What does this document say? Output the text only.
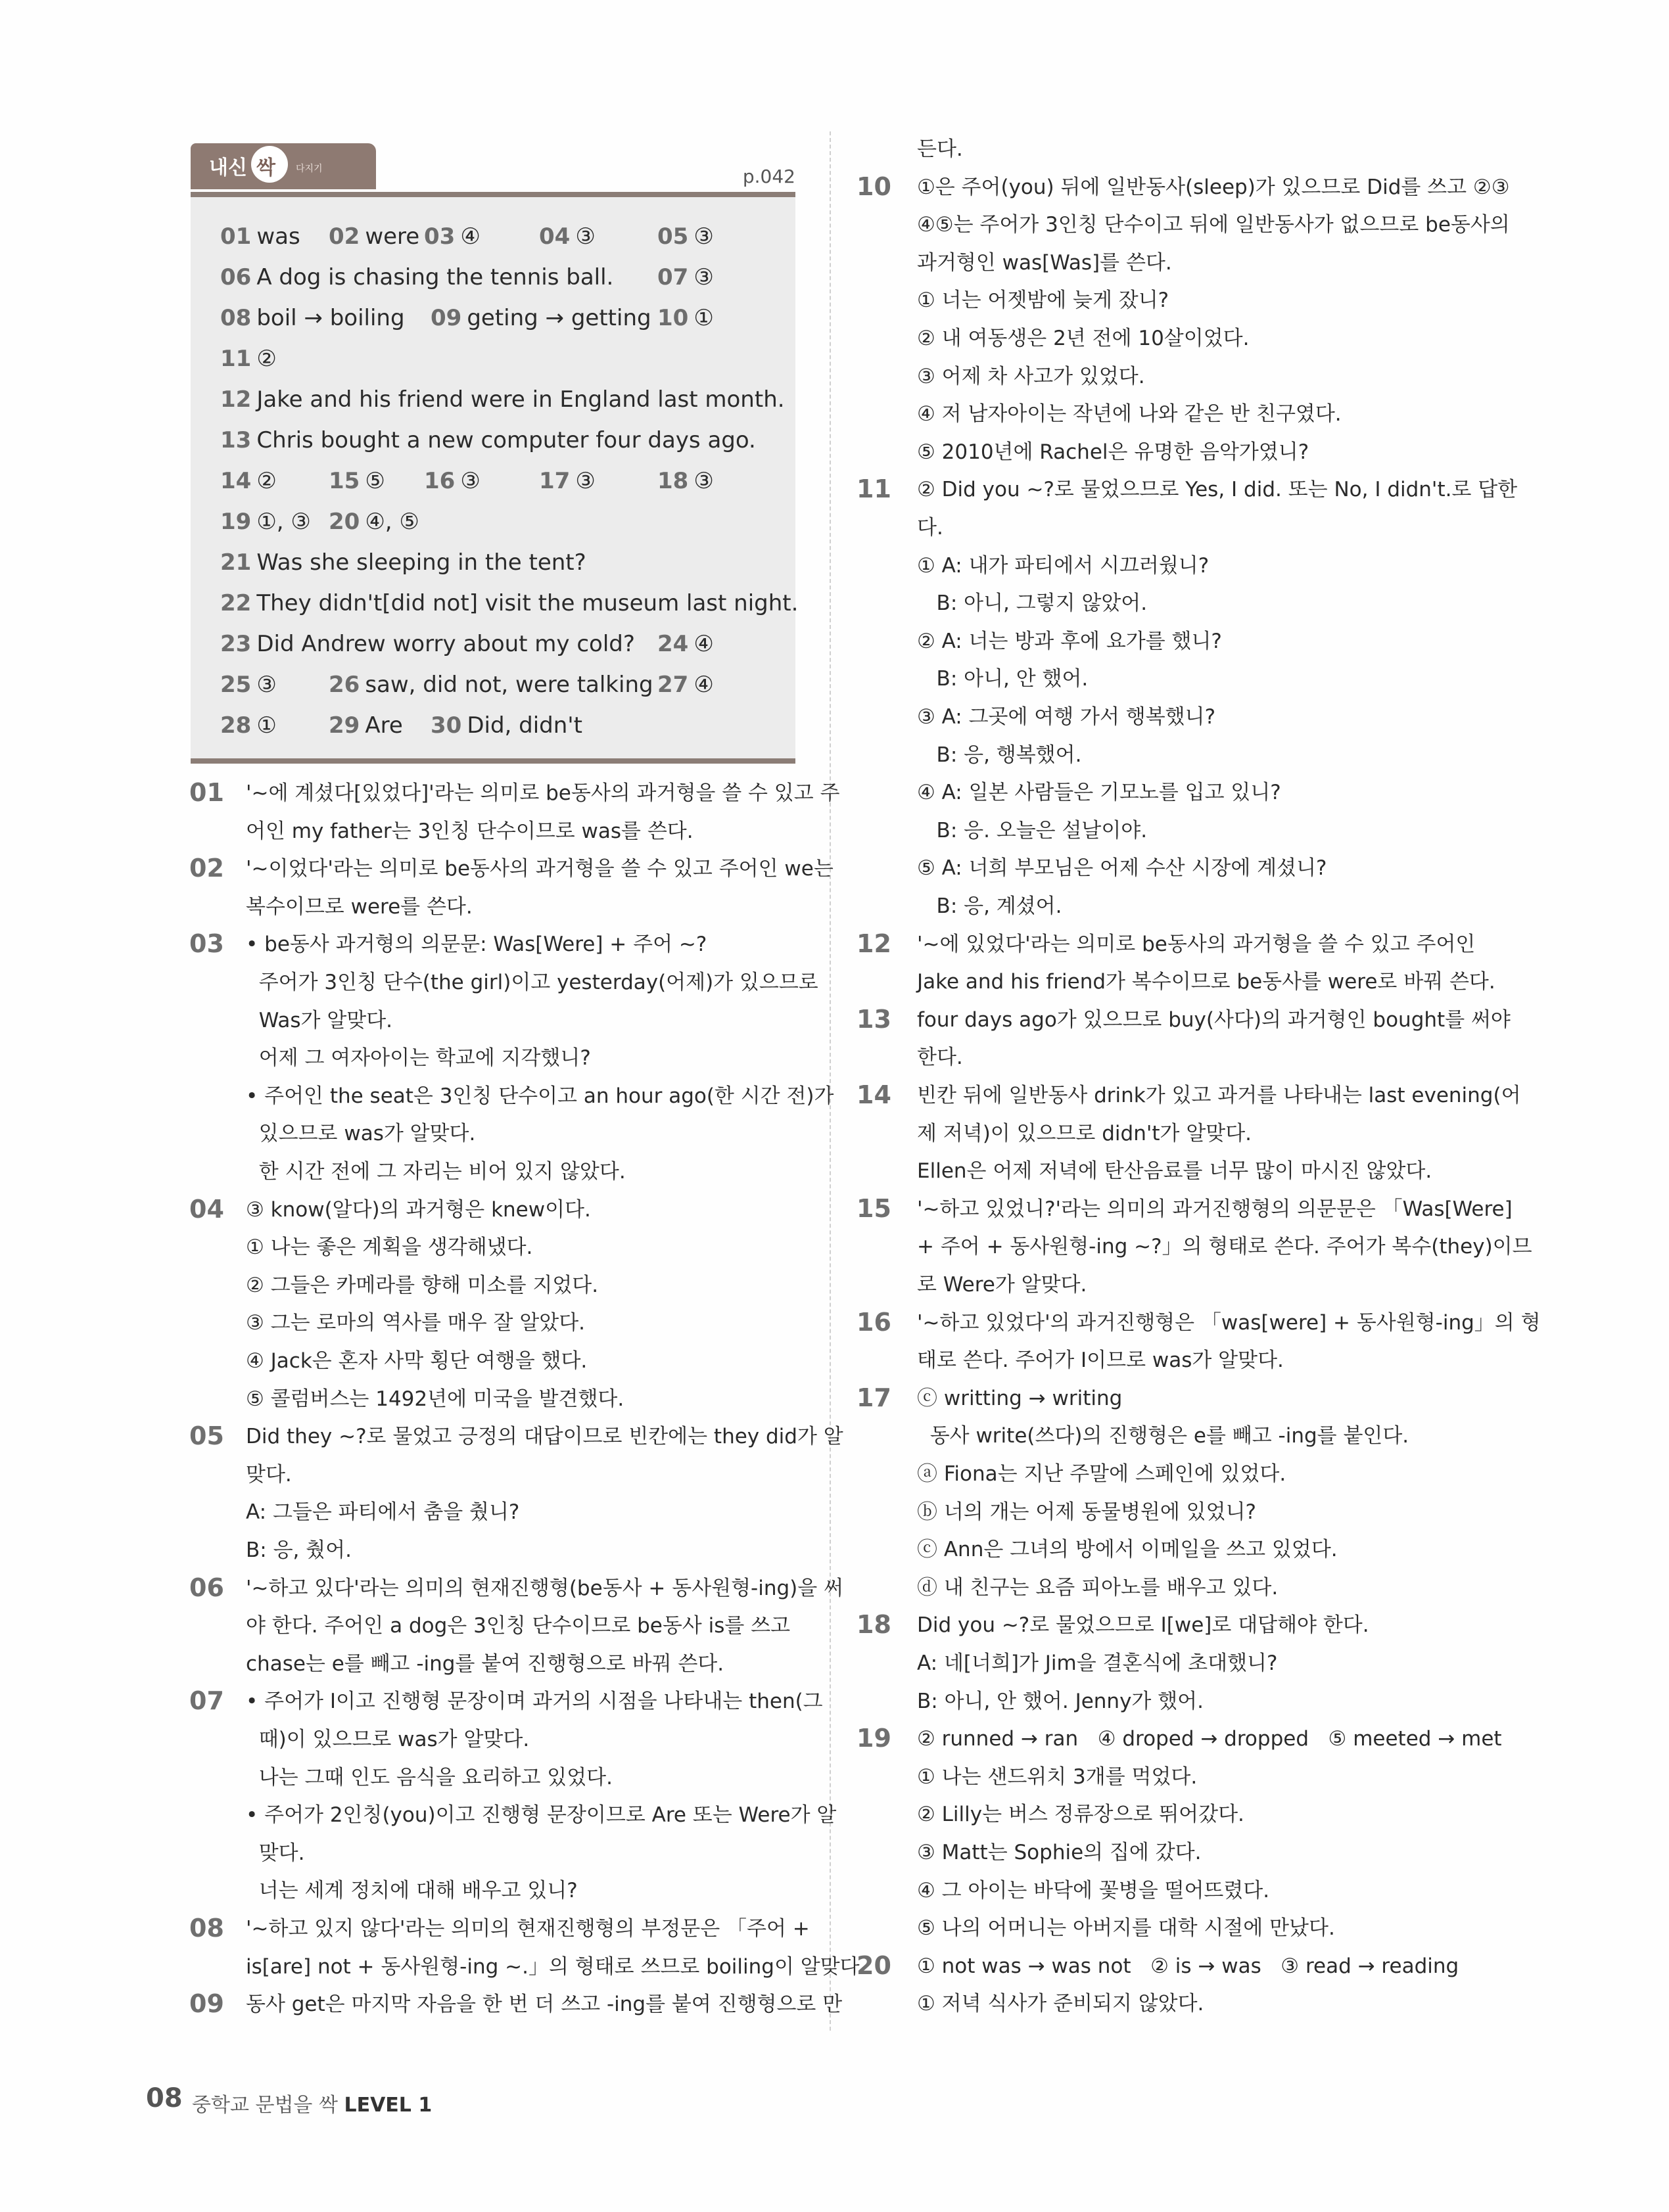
내신 싹 다지기	p.042
01 was 02 were 03 ④	04 ③	05 ③
06 A dog is chasing the tennis ball. 07 ③
08 boil → boiling 09 geting → getting 10 ①
11 ②
12 Jake and his friend were in England last month.
13 Chris bought a new computer four days ago.
14 ② 15 ⑤ 16 ③	17 ③	18 ③
19 ①, ③ 20 ④, ⑤
21 Was she sleeping in the tent?
22 They didn't[did not] visit the museum last night.
23 Did Andrew worry about my cold? 24 ④
25 ③ 26 saw, did not, were talking 27 ④
28 ① 29 Are 30 Did, didn't
01 '~에 계셨다[있었다]'라는 의미로 be동사의 과거형을 쓸 수 있고 주
어인 my father는 3인칭 단수이므로 was를 쓴다.
02 '~이었다'라는 의미로 be동사의 과거형을 쓸 수 있고 주어인 we는
복수이므로 were를 쓴다.
03 • be동사 과거형의 의문문: Was[Were] + 주어 ~?
주어가 3인칭 단수(the girl)이고 yesterday(어제)가 있으므로
Was가 알맞다.
어제 그 여자아이는 학교에 지각했니?
• 주어인 the seat은 3인칭 단수이고 an hour ago(한 시간 전)가
있으므로 was가 알맞다.
한 시간 전에 그 자리는 비어 있지 않았다.
04 ③ know(알다)의 과거형은 knew이다.
① 나는 좋은 계획을 생각해냈다.
② 그들은 카메라를 향해 미소를 지었다.
③ 그는 로마의 역사를 매우 잘 알았다.
④ Jack은 혼자 사막 횡단 여행을 했다.
⑤ 콜럼버스는 1492년에 미국을 발견했다.
05 Did they ~?로 물었고 긍정의 대답이므로 빈칸에는 they did가 알
맞다.
A: 그들은 파티에서 춤을 췄니?
B: 응, 췄어.
06 '~하고 있다'라는 의미의 현재진행형(be동사 + 동사원형-ing)을 써
야 한다. 주어인 a dog은 3인칭 단수이므로 be동사 is를 쓰고
chase는 e를 빼고 -ing를 붙여 진행형으로 바꿔 쓴다.
07 • 주어가 I이고 진행형 문장이며 과거의 시점을 나타내는 then(그
때)이 있으므로 was가 알맞다.
나는 그때 인도 음식을 요리하고 있었다.
• 주어가 2인칭(you)이고 진행형 문장이므로 Are 또는 Were가 알
맞다.
너는 세계 정치에 대해 배우고 있니?
08 '~하고 있지 않다'라는 의미의 현재진행형의 부정문은 「주어 +
is[are] not + 동사원형-ing ~.」의 형태로 쓰므로 boiling이 알맞다.
09 동사 get은 마지막 자음을 한 번 더 쓰고 -ing를 붙여 진행형으로 만
든다.
10 ①은 주어(you) 뒤에 일반동사(sleep)가 있으므로 Did를 쓰고 ②③
④⑤는 주어가 3인칭 단수이고 뒤에 일반동사가 없으므로 be동사의
과거형인 was[Was]를 쓴다.
① 너는 어젯밤에 늦게 잤니?
② 내 여동생은 2년 전에 10살이었다.
③ 어제 차 사고가 있었다.
④ 저 남자아이는 작년에 나와 같은 반 친구였다.
⑤ 2010년에 Rachel은 유명한 음악가였니?
11 ② Did you ~?로 물었으므로 Yes, I did. 또는 No, I didn't.로 답한
다.
① A: 내가 파티에서 시끄러웠니?
B: 아니, 그렇지 않았어.
② A: 너는 방과 후에 요가를 했니?
B: 아니, 안 했어.
③ A: 그곳에 여행 가서 행복했니?
B: 응, 행복했어.
④ A: 일본 사람들은 기모노를 입고 있니?
B: 응. 오늘은 설날이야.
⑤ A: 너희 부모님은 어제 수산 시장에 계셨니?
B: 응, 계셨어.
12 '~에 있었다'라는 의미로 be동사의 과거형을 쓸 수 있고 주어인
Jake and his friend가 복수이므로 be동사를 were로 바꿔 쓴다.
13 four days ago가 있으므로 buy(사다)의 과거형인 bought를 써야
한다.
14 빈칸 뒤에 일반동사 drink가 있고 과거를 나타내는 last evening(어
제 저녁)이 있으므로 didn't가 알맞다.
Ellen은 어제 저녁에 탄산음료를 너무 많이 마시진 않았다.
15 '~하고 있었니?'라는 의미의 과거진행형의 의문문은 「Was[Were]
+ 주어 + 동사원형-ing ~?」의 형태로 쓴다. 주어가 복수(they)이므
로 Were가 알맞다.
16 '~하고 있었다'의 과거진행형은 「was[were] + 동사원형-ing」의 형
태로 쓴다. 주어가 I이므로 was가 알맞다.
17 ⓒ writting → writing
동사 write(쓰다)의 진행형은 e를 빼고 -ing를 붙인다.
ⓐ Fiona는 지난 주말에 스페인에 있었다.
ⓑ 너의 개는 어제 동물병원에 있었니?
ⓒ Ann은 그녀의 방에서 이메일을 쓰고 있었다.
ⓓ 내 친구는 요즘 피아노를 배우고 있다.
18 Did you ~?로 물었으므로 I[we]로 대답해야 한다.
A: 네[너희]가 Jim을 결혼식에 초대했니?
B: 아니, 안 했어. Jenny가 했어.
19 ② runned → ran   ④ droped → dropped   ⑤ meeted → met
① 나는 샌드위치 3개를 먹었다.
② Lilly는 버스 정류장으로 뛰어갔다.
③ Matt는 Sophie의 집에 갔다.
④ 그 아이는 바닥에 꽃병을 떨어뜨렸다.
⑤ 나의 어머니는 아버지를 대학 시절에 만났다.
20 ① not was → was not   ② is → was   ③ read → reading
① 저녁 식사가 준비되지 않았다.
08 중학교 문법을 싹 LEVEL 1
